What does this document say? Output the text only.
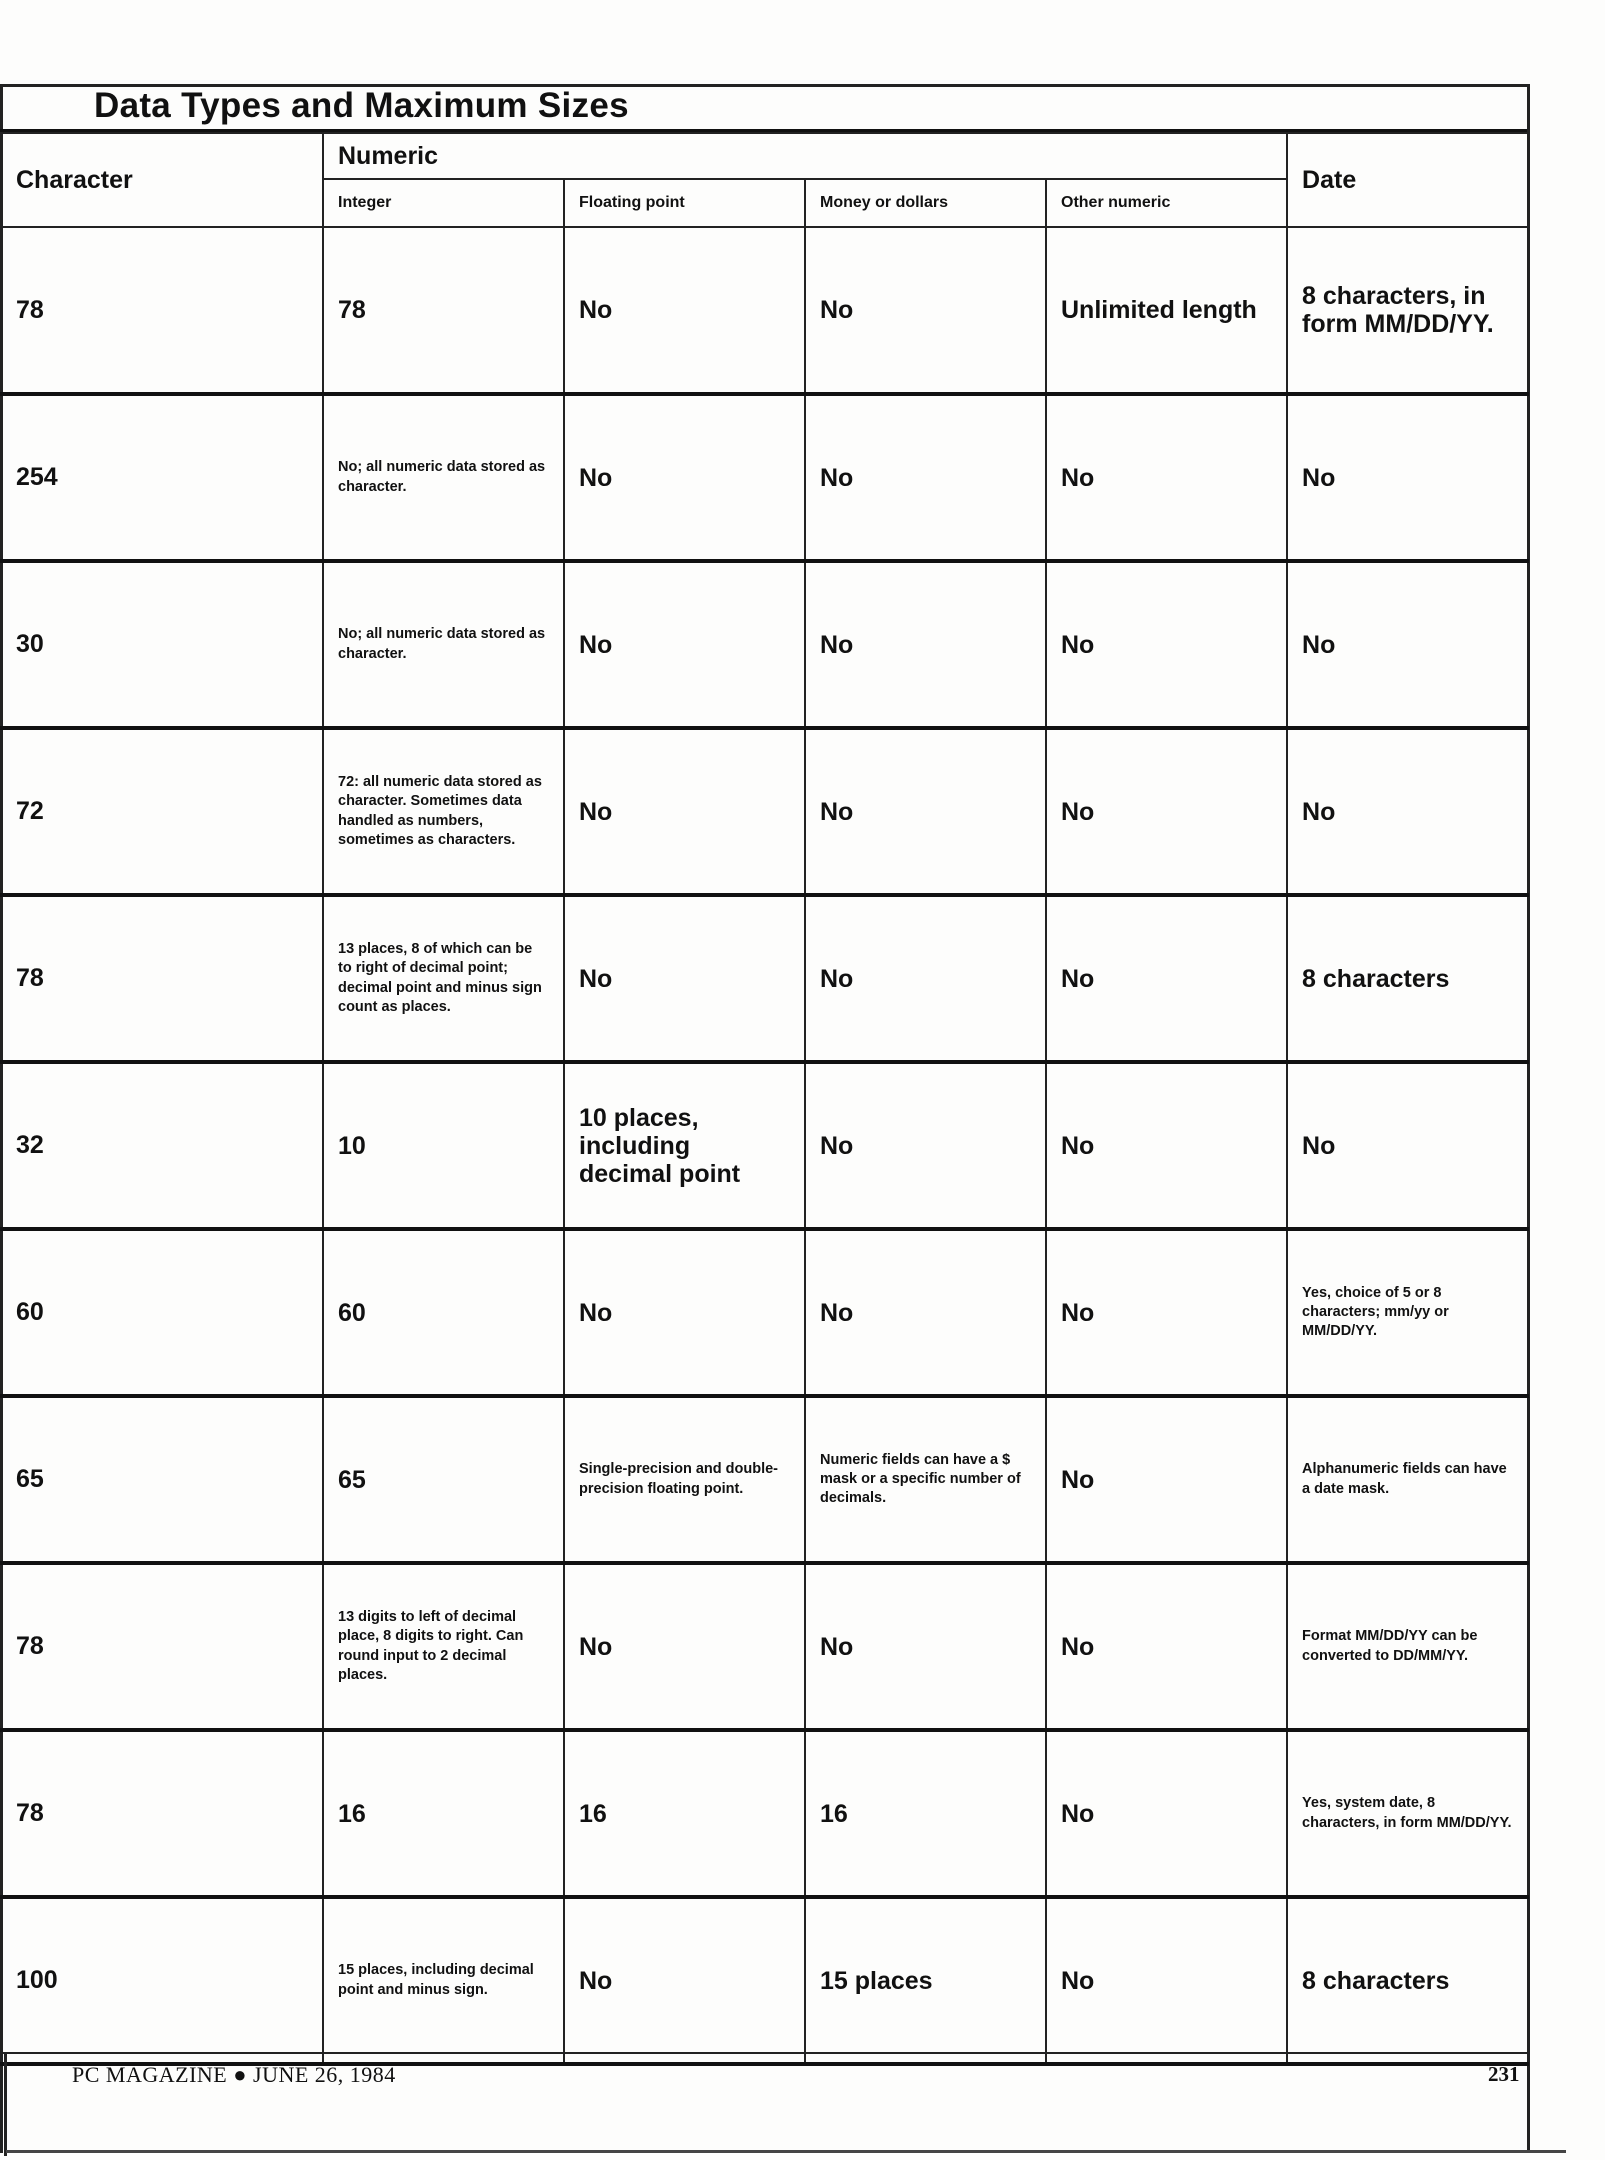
Data Types and Maximum Sizes
Character	Numeric				Date
	Integer	Floating point	Money or dollars	Other numeric	
78	78	No	No	Unlimited length	8 characters, in form MM/DD/YY.
254	No; all numeric data stored as character.	No	No	No	No
30	No; all numeric data stored as character.	No	No	No	No
72	72: all numeric data stored as character. Sometimes data handled as numbers, sometimes as characters.	No	No	No	No
78	13 places, 8 of which can be to right of decimal point; decimal point and minus sign count as places.	No	No	No	8 characters
32	10	10 places, including decimal point	No	No	No
60	60	No	No	No	Yes, choice of 5 or 8 characters; mm/yy or MM/DD/YY.
65	65	Single-precision and double-precision floating point.	Numeric fields can have a $ mask or a specific number of decimals.	No	Alphanumeric fields can have a date mask.
78	13 digits to left of decimal place, 8 digits to right. Can round input to 2 decimal places.	No	No	No	Format MM/DD/YY can be converted to DD/MM/YY.
78	16	16	16	No	Yes, system date, 8 characters, in form MM/DD/YY.
100	15 places, including decimal point and minus sign.	No	15 places	No	8 characters
PC MAGAZINE ● JUNE 26, 1984	231
